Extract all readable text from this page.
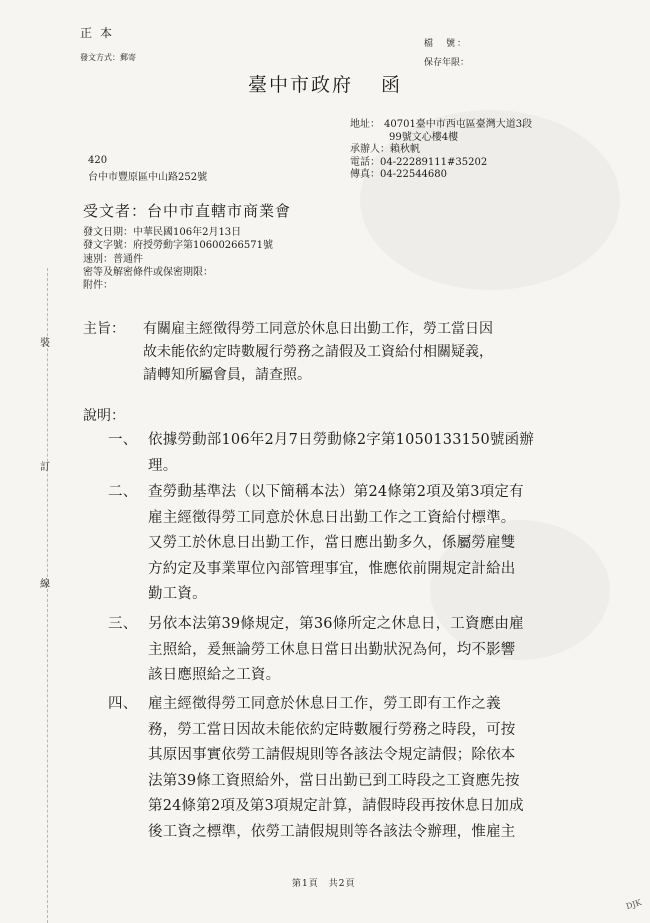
正本
發文方式：郵寄
檔　號：
保存年限：
臺中市政府 函
地址： 40701臺中市西屯區臺灣大道3段
99號文心樓4樓
承辦人： 賴秋帆
電話： 04-22289111#35202
傳真： 04-22544680
420
台中市豐原區中山路252號
受文者：台中市直轄市商業會
發文日期：中華民國106年2月13日
發文字號：府授勞動字第10600266571號
速別：普通件
密等及解密條件或保密期限：
附件：
裝
訂
線
主旨：	有關雇主經徵得勞工同意於休息日出勤工作，勞工當日因
故未能依約定時數履行勞務之請假及工資給付相關疑義，
請轉知所屬會員，請查照。
說明：
一、 依據勞動部106年2月7日勞動條2字第1050133150號函辦
理。
二、 查勞動基準法（以下簡稱本法）第24條第2項及第3項定有
雇主經徵得勞工同意於休息日出勤工作之工資給付標準。
又勞工於休息日出勤工作，當日應出勤多久，係屬勞雇雙
方約定及事業單位內部管理事宜，惟應依前開規定計給出
勤工資。
三、 另依本法第39條規定，第36條所定之休息日，工資應由雇
主照給，爰無論勞工休息日當日出勤狀況為何，均不影響
該日應照給之工資。
四、 雇主經徵得勞工同意於休息日工作，勞工即有工作之義
務，勞工當日因故未能依約定時數履行勞務之時段，可按
其原因事實依勞工請假規則等各該法令規定請假；除依本
法第39條工資照給外，當日出勤已到工時段之工資應先按
第24條第2項及第3項規定計算，請假時段再按休息日加成
後工資之標準，依勞工請假規則等各該法令辦理，惟雇主
第1頁　共2頁
DJK
